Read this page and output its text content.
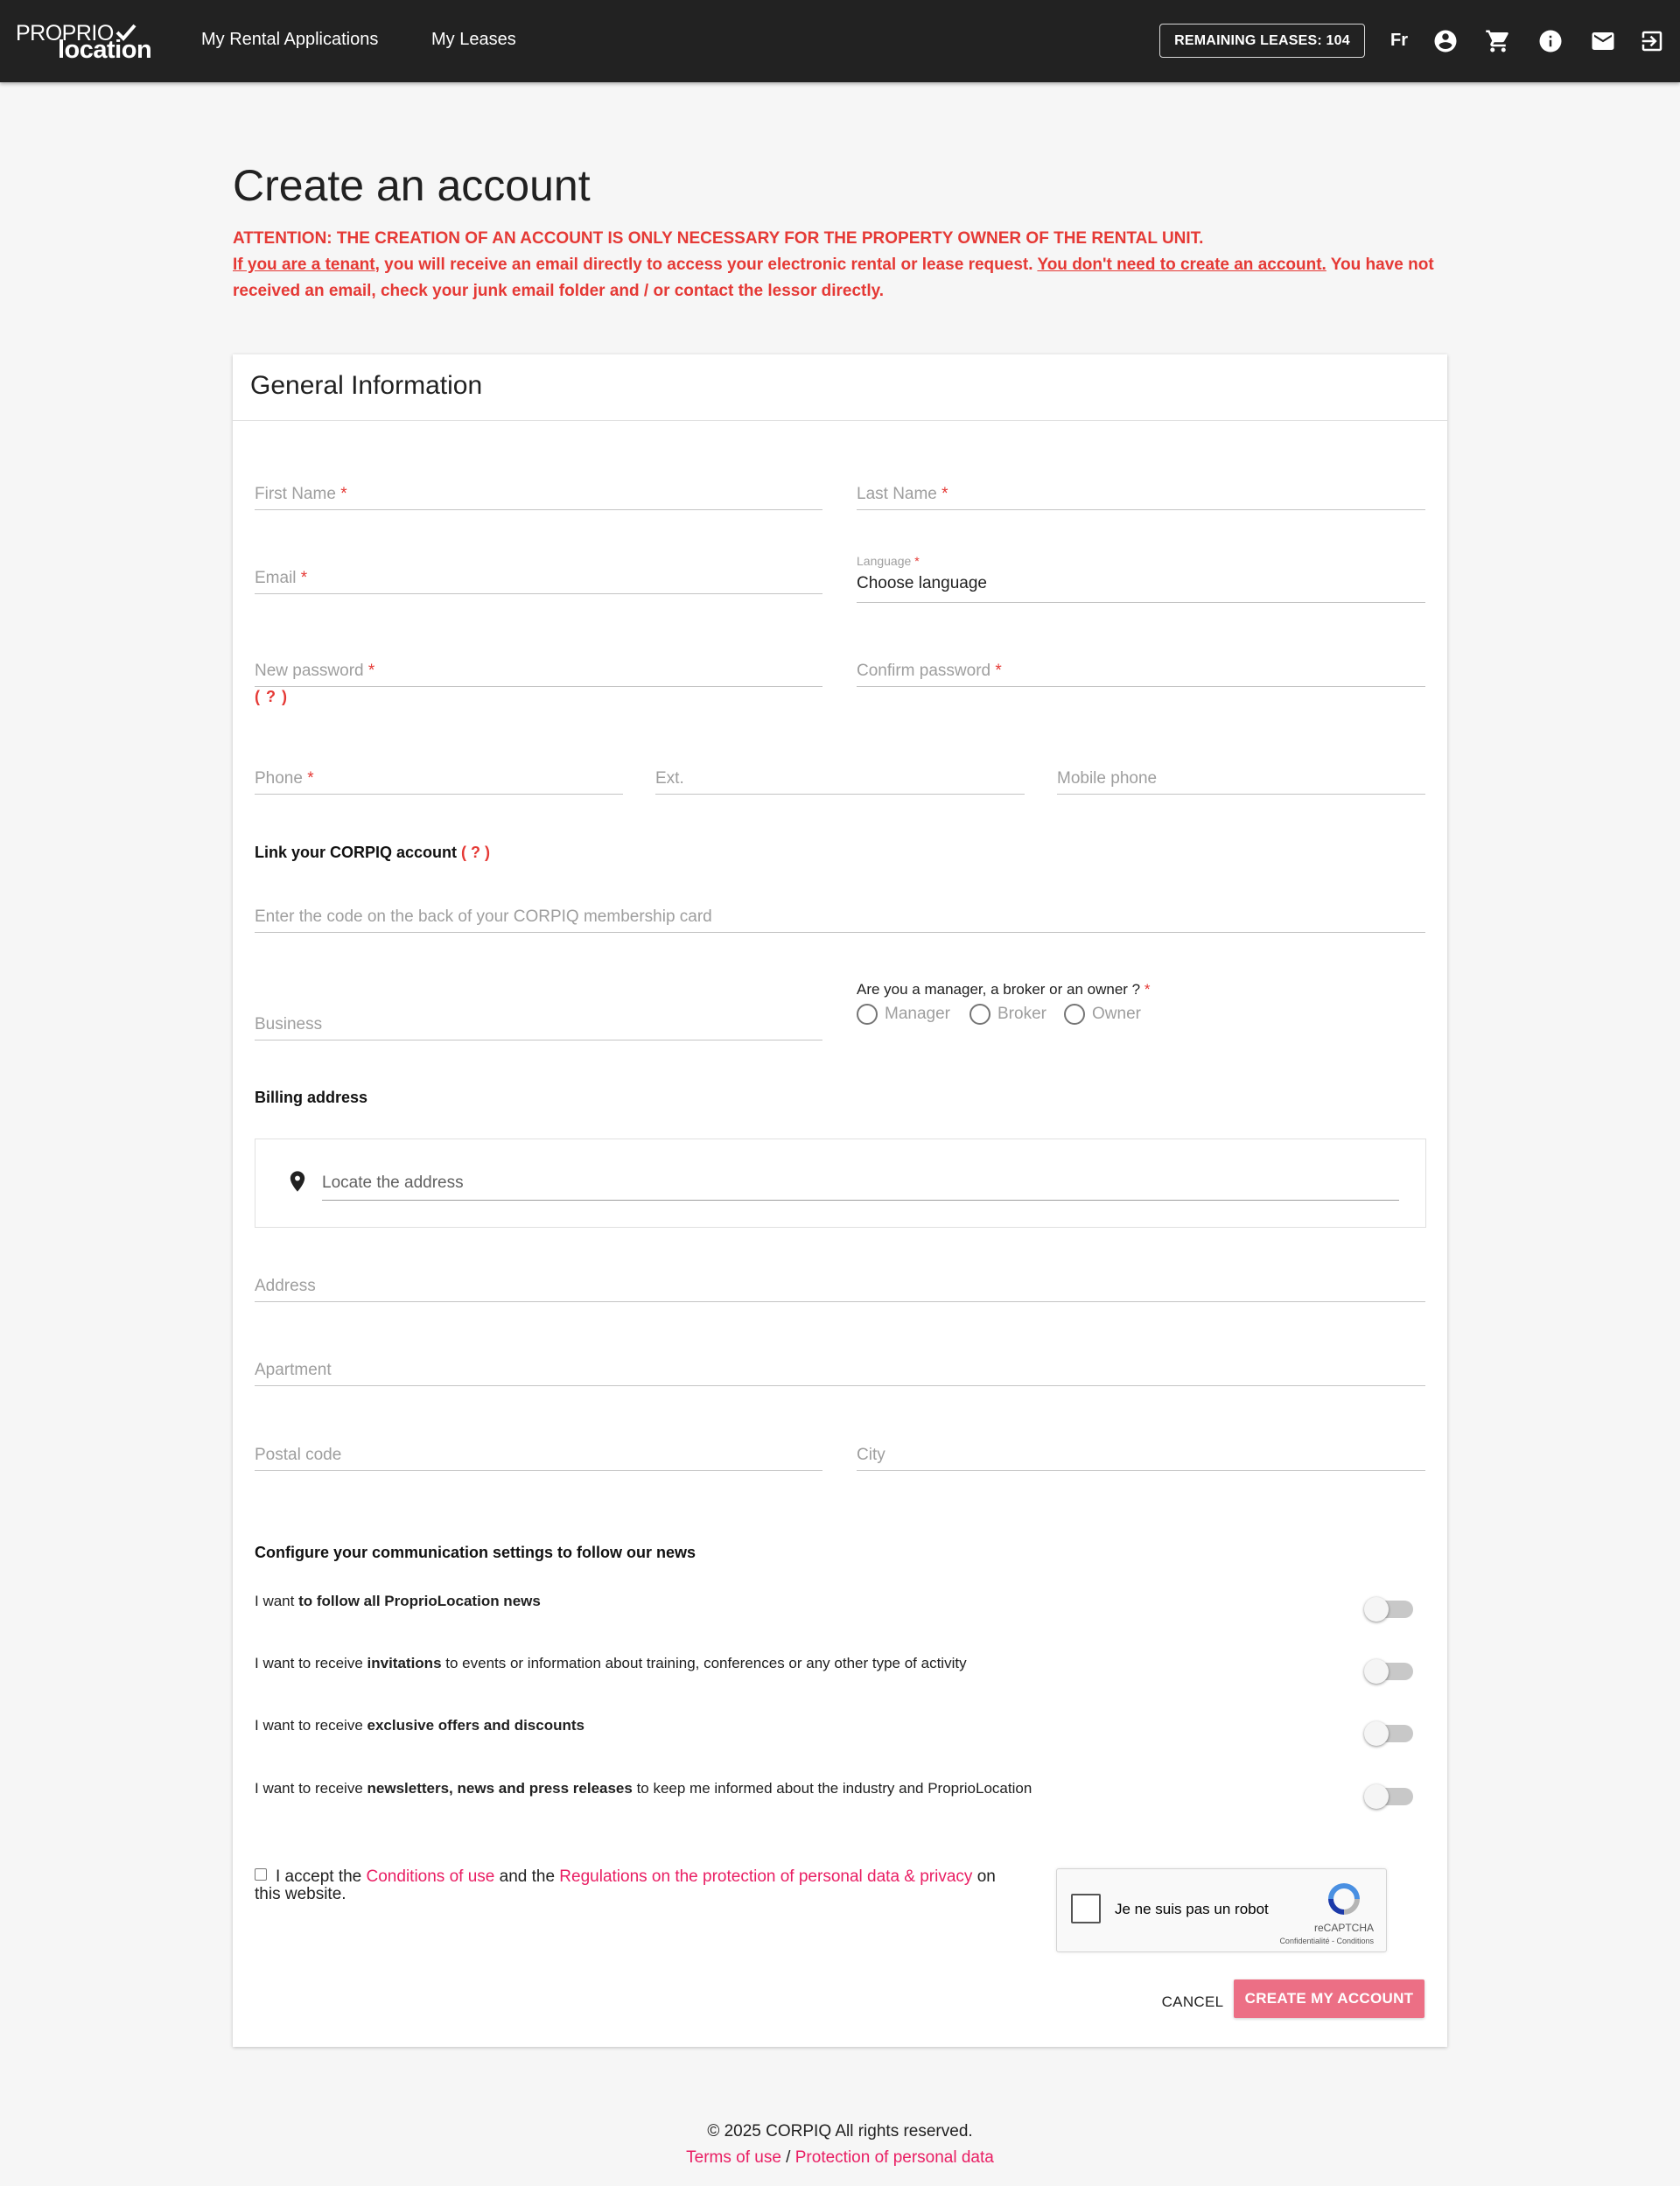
PROPRIO
location	My Rental Applications	My Leases	REMAINING LEASES: 104	Fr
Create an account
ATTENTION: THE CREATION OF AN ACCOUNT IS ONLY NECESSARY FOR THE PROPERTY OWNER OF THE RENTAL UNIT.
If you are a tenant, you will receive an email directly to access your electronic rental or lease request. You don't need to create an account. You have not received an email, check your junk email folder and / or contact the lessor directly.
General Information
First Name *	Last Name *
Email *
Language *
Choose language
New password *
( ? )
Confirm password *
Phone *	Ext.	Mobile phone
Link your CORPIQ account ( ? )
Enter the code on the back of your CORPIQ membership card
Business
Are you a manager, a broker or an owner ? *
Manager	Broker	Owner
Billing address
Locate the address
Address
Apartment
Postal code	City
Configure your communication settings to follow our news
I want to follow all ProprioLocation news
I want to receive invitations to events or information about training, conferences or any other type of activity
I want to receive exclusive offers and discounts
I want to receive newsletters, news and press releases to keep me informed about the industry and ProprioLocation
I accept the Conditions of use and the Regulations on the protection of personal data & privacy on this website.
Je ne suis pas un robot
reCAPTCHA
Confidentialité - Conditions
CANCEL	CREATE MY ACCOUNT
© 2025 CORPIQ All rights reserved.
Terms of use / Protection of personal data
